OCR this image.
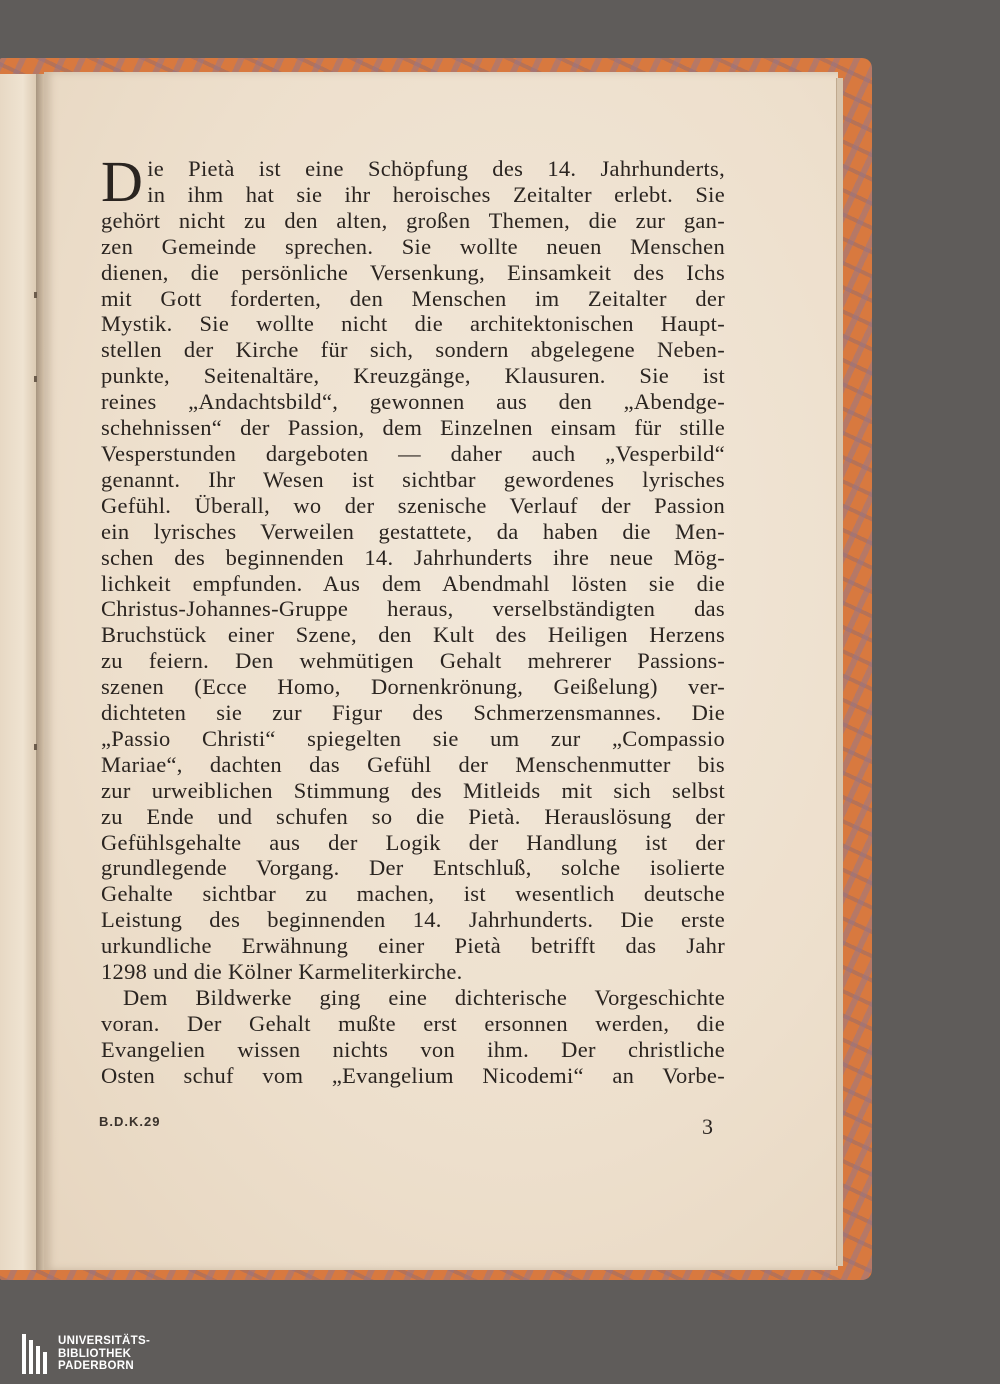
D ie Pietà ist eine Schöpfung des 14. Jahrhunderts,
in ihm hat sie ihr heroisches Zeitalter erlebt. Sie
gehört nicht zu den alten, großen Themen, die zur gan-
zen Gemeinde sprechen. Sie wollte neuen Menschen
dienen, die persönliche Versenkung, Einsamkeit des Ichs
mit Gott forderten, den Menschen im Zeitalter der
Mystik. Sie wollte nicht die architektonischen Haupt-
stellen der Kirche für sich, sondern abgelegene Neben-
punkte, Seitenaltäre, Kreuzgänge, Klausuren. Sie ist
reines „Andachtsbild“, gewonnen aus den „Abendge-
schehnissen“ der Passion, dem Einzelnen einsam für stille
Vesperstunden dargeboten — daher auch „Vesperbild“
genannt. Ihr Wesen ist sichtbar gewordenes lyrisches
Gefühl. Überall, wo der szenische Verlauf der Passion
ein lyrisches Verweilen gestattete, da haben die Men-
schen des beginnenden 14. Jahrhunderts ihre neue Mög-
lichkeit empfunden. Aus dem Abendmahl lösten sie die
Christus-Johannes-Gruppe heraus, verselbständigten das
Bruchstück einer Szene, den Kult des Heiligen Herzens
zu feiern. Den wehmütigen Gehalt mehrerer Passions-
szenen (Ecce Homo, Dornenkrönung, Geißelung) ver-
dichteten sie zur Figur des Schmerzensmannes. Die
„Passio Christi“ spiegelten sie um zur „Compassio
Mariae“, dachten das Gefühl der Menschenmutter bis
zur urweiblichen Stimmung des Mitleids mit sich selbst
zu Ende und schufen so die Pietà. Herauslösung der
Gefühlsgehalte aus der Logik der Handlung ist der
grundlegende Vorgang. Der Entschluß, solche isolierte
Gehalte sichtbar zu machen, ist wesentlich deutsche
Leistung des beginnenden 14. Jahrhunderts. Die erste
urkundliche Erwähnung einer Pietà betrifft das Jahr
1298 und die Kölner Karmeliterkirche.
Dem Bildwerke ging eine dichterische Vorgeschichte
voran. Der Gehalt mußte erst ersonnen werden, die
Evangelien wissen nichts von ihm. Der christliche
Osten schuf vom „Evangelium Nicodemi“ an Vorbe-
B.D.K.29	3
UNIVERSITÄTS-
BIBLIOTHEK
PADERBORN
